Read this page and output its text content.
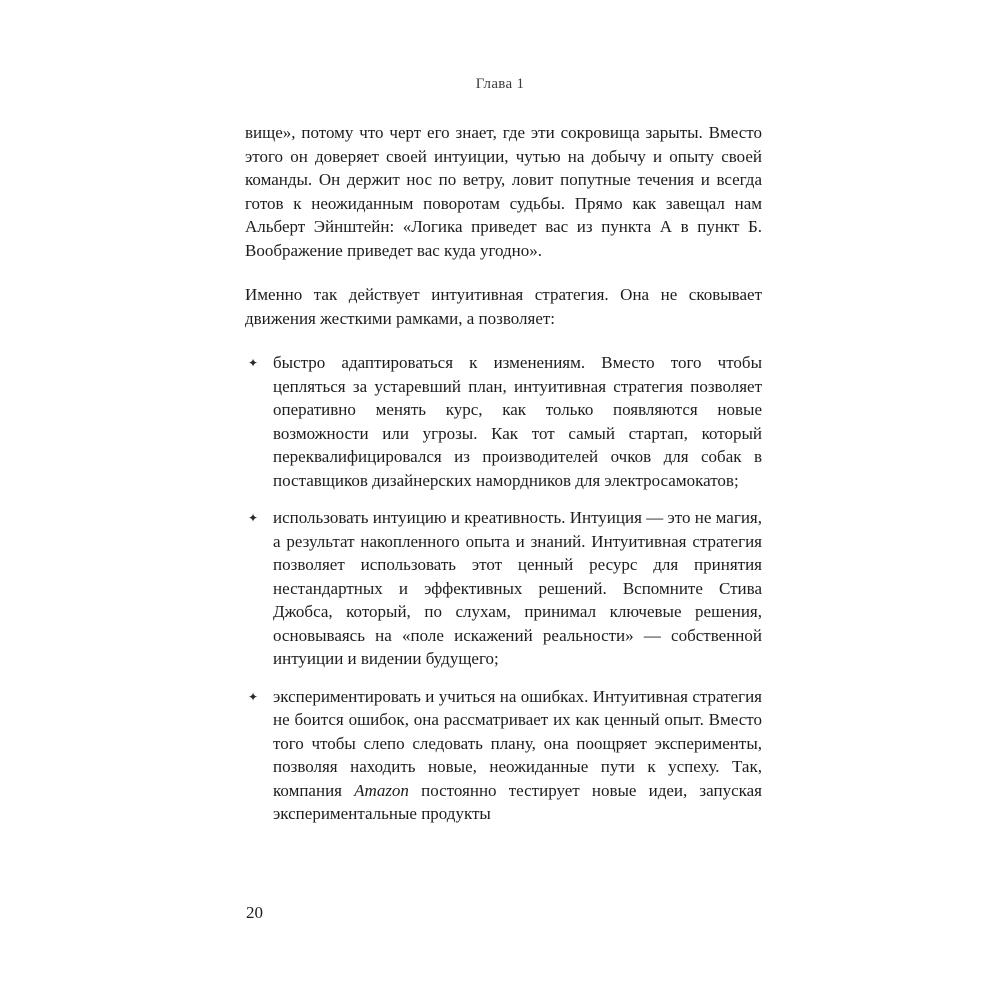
Глава 1

вище», потому что черт его знает, где эти сокровища зарыты. Вместо этого он доверяет своей интуиции, чутью на добычу и опыту своей команды. Он держит нос по ветру, ловит попутные течения и всегда готов к неожиданным поворотам судьбы. Прямо как завещал нам Альберт Эйнштейн: «Логика приведет вас из пункта А в пункт Б. Воображение приведет вас куда угодно».

Именно так действует интуитивная стратегия. Она не сковывает движения жесткими рамками, а позволяет:

✦ быстро адаптироваться к изменениям. Вместо того чтобы цепляться за устаревший план, интуитивная стратегия позволяет оперативно менять курс, как только появляются новые возможности или угрозы. Как тот самый стартап, который переквалифицировался из производителей очков для собак в поставщиков дизайнерских намордников для электросамокатов;
✦ использовать интуицию и креативность. Интуиция — это не магия, а результат накопленного опыта и знаний. Интуитивная стратегия позволяет использовать этот ценный ресурс для принятия нестандартных и эффективных решений. Вспомните Стива Джобса, который, по слухам, принимал ключевые решения, основываясь на «поле искажений реальности» — собственной интуиции и видении будущего;
✦ экспериментировать и учиться на ошибках. Интуитивная стратегия не боится ошибок, она рассматривает их как ценный опыт. Вместо того чтобы слепо следовать плану, она поощряет эксперименты, позволяя находить новые, неожиданные пути к успеху. Так, компания Amazon постоянно тестирует новые идеи, запуская экспериментальные продукты
20
